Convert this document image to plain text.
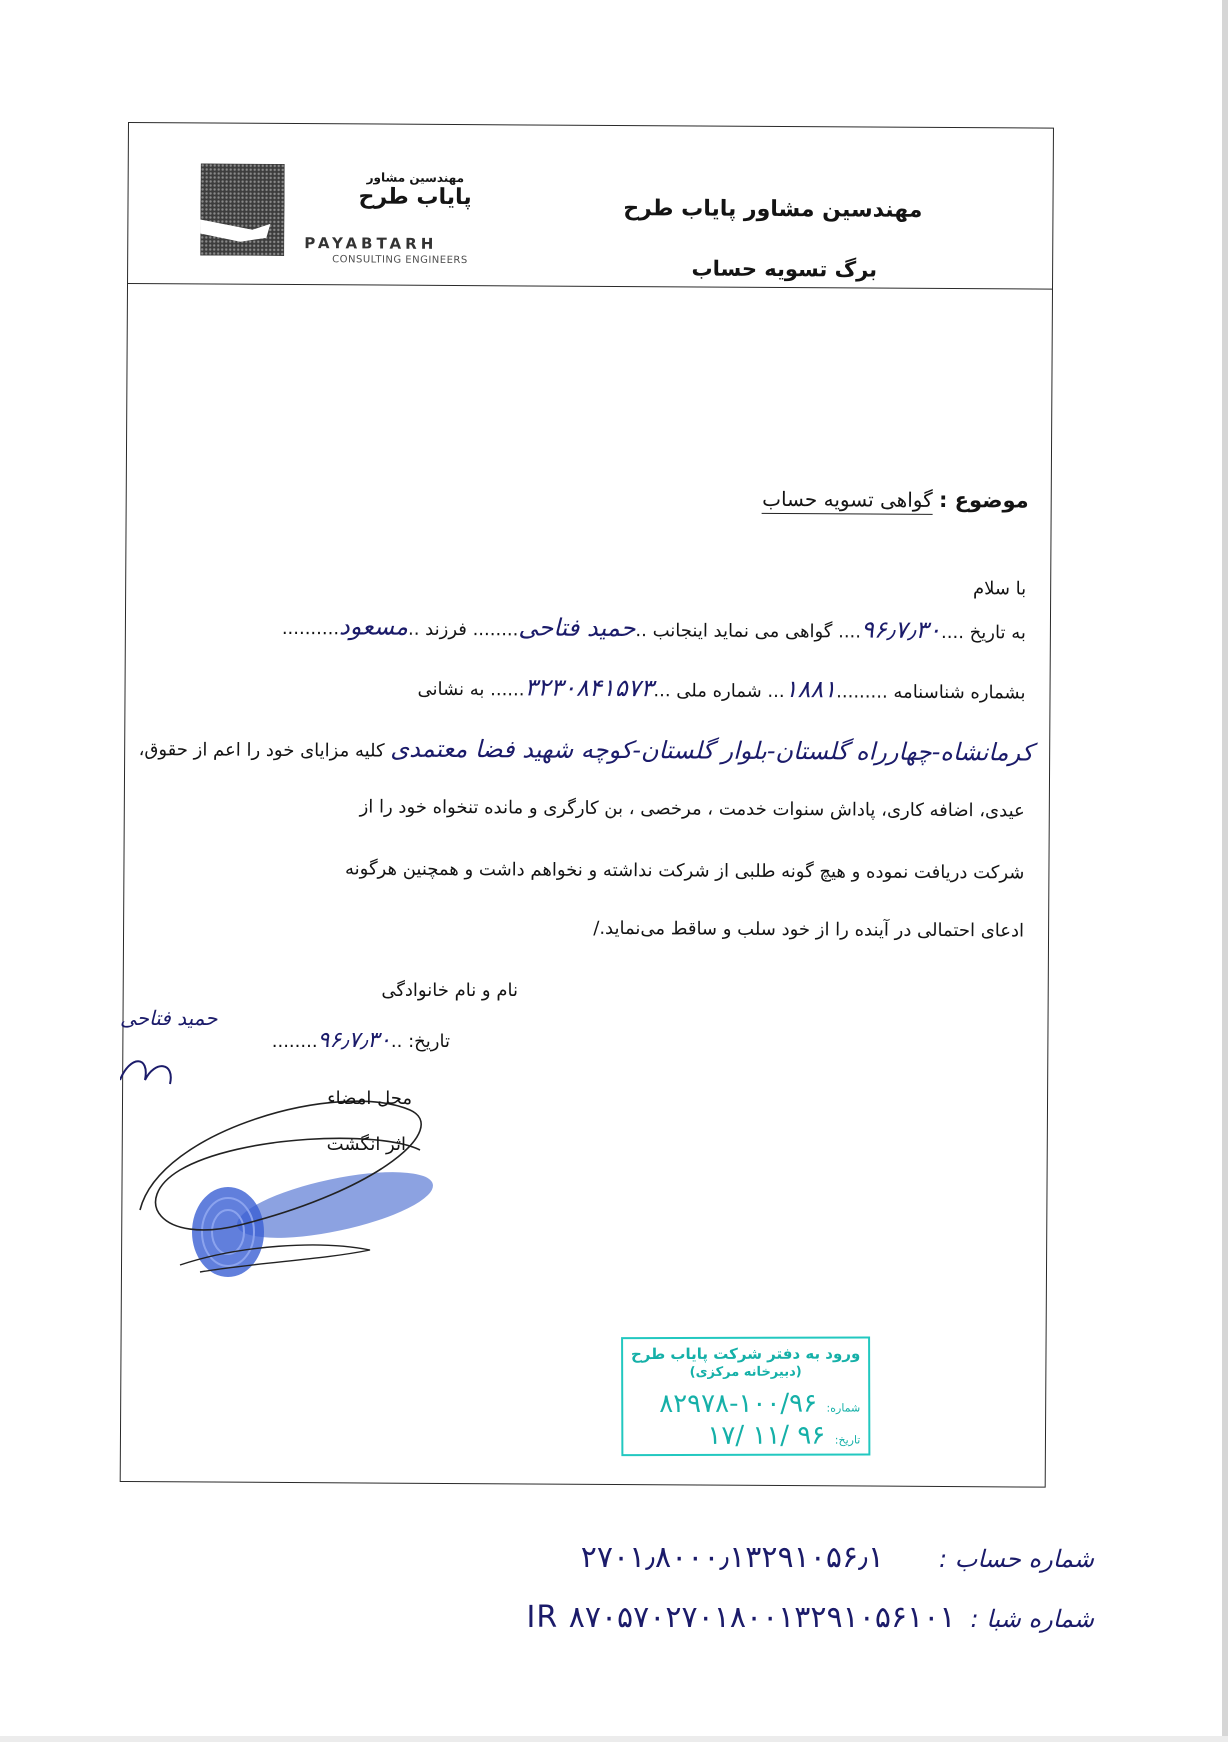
مهندسین مشاور
پایاب طرح
PAYABTARH
CONSULTING ENGINEERS
مهندسین مشاور پایاب طرح
برگ تسویه حساب
موضوع : گواهی تسویه حساب
با سلام
به تاریخ ....۹۶٫۷٫۳۰.... گواهی می نماید اینجانب ..حمید فتاحی........ فرزند ..مسعود..........
بشماره شناسنامه .........۱۸۸۱... شماره ملی ...۳۲۳۰۸۴۱۵۷۳...... به نشانی
کرمانشاه-چهارراه گلستان-بلوار گلستان-کوچه شهید فضا معتمدی کلیه مزایای خود را اعم از حقوق،
عیدی، اضافه کاری، پاداش سنوات خدمت ، مرخصی ، بن کارگری و مانده تنخواه خود را از
شرکت دریافت نموده و هیچ گونه طلبی از شرکت نداشته و نخواهم داشت و همچنین هرگونه
ادعای احتمالی در آینده را از خود سلب و ساقط می‌نماید./
ورود به دفتر شرکت پایاب طرح
(دبیرخانه مرکزی)
شماره: ۱۰۰/۹۶-۸۲۹۷۸
تاریخ: ۹۶ /۱۱ /۱۷
نام و نام خانوادگی
حمید فتاحی
تاریخ: ..۹۶٫۷٫۳۰........
محل امضاء
اثر انگشت
شماره حساب : ۲۷۰۱٫۸۰۰۰٫۱۳۲۹۱۰۵۶٫۱
شماره شبا : IR ۸۷۰۵۷۰۲۷۰۱۸۰۰۱۳۲۹۱۰۵۶۱۰۱
